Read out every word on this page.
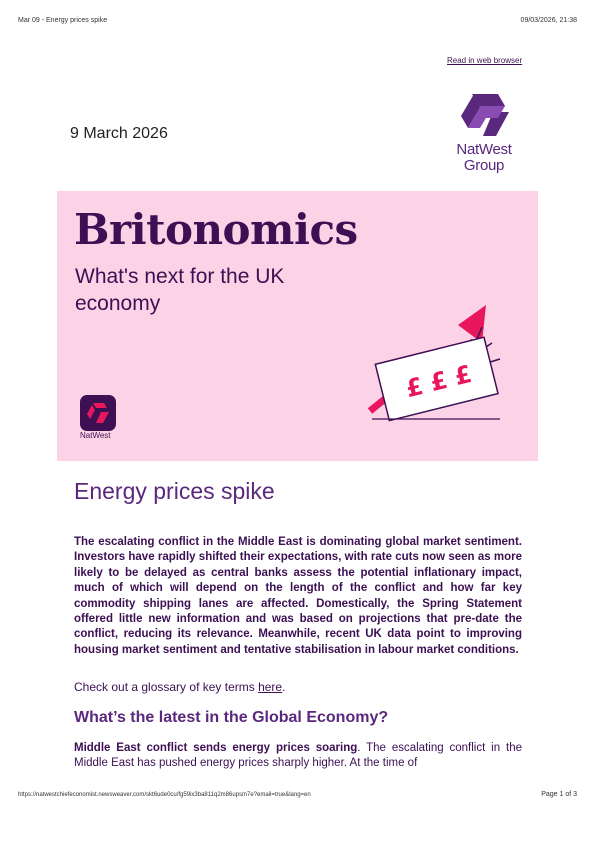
Mar 09 - Energy prices spike	09/03/2026, 21:38
Read in web browser
9 March 2026
NatWest
Group
Britonomics
What's next for the UK economy
£ £ £
NatWest
Energy prices spike

The escalating conflict in the Middle East is dominating global market sentiment. Investors have rapidly shifted their expectations, with rate cuts now seen as more likely to be delayed as central banks assess the potential inflationary impact, much of which will depend on the length of the conflict and how far key commodity shipping lanes are affected. Domestically, the Spring Statement offered little new information and was based on projections that pre-date the conflict, reducing its relevance. Meanwhile, recent UK data point to improving housing market sentiment and tentative stabilisation in labour market conditions.

Check out a glossary of key terms here.
What’s the latest in the Global Economy?

Middle East conflict sends energy prices soaring. The escalating conflict in the Middle East has pushed energy prices sharply higher. At the time of

https://natwestchiefeconomist.newsweaver.com/skt6ude0cu/fg59ix3ba811q2m86upsm7e?email=true&lang=en	Page 1 of 3
